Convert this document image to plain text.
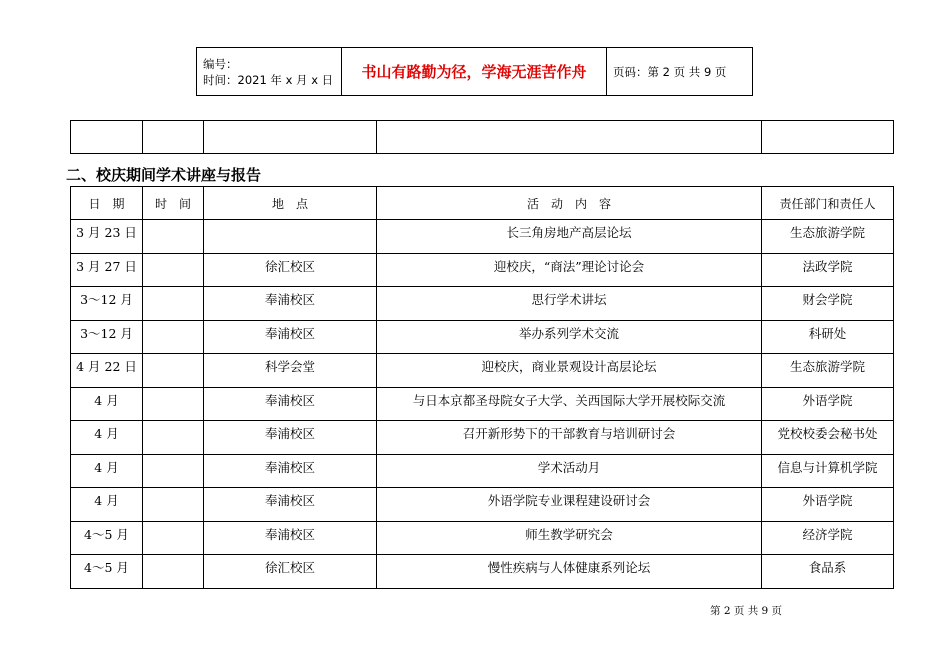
编号：
时间：2021 年 x 月 x 日	书山有路勤为径，学海无涯苦作舟	页码：第 2 页 共 9 页

二、校庆期间学术讲座与报告
日　期	时　间	地　点	活　动　内　容	责任部门和责任人
3 月 23 日			长三角房地产高层论坛	生态旅游学院
3 月 27 日		徐汇校区	迎校庆，“商法”理论讨论会	法政学院
3～12 月		奉浦校区	思行学术讲坛	财会学院
3～12 月		奉浦校区	举办系列学术交流	科研处
4 月 22 日		科学会堂	迎校庆，商业景观设计高层论坛	生态旅游学院
4 月		奉浦校区	与日本京都圣母院女子大学、关西国际大学开展校际交流	外语学院
4 月		奉浦校区	召开新形势下的干部教育与培训研讨会	党校校委会秘书处
4 月		奉浦校区	学术活动月	信息与计算机学院
4 月		奉浦校区	外语学院专业课程建设研讨会	外语学院
4～5 月		奉浦校区	师生教学研究会	经济学院
4～5 月		徐汇校区	慢性疾病与人体健康系列论坛	食品系
第 2 页 共 9 页
